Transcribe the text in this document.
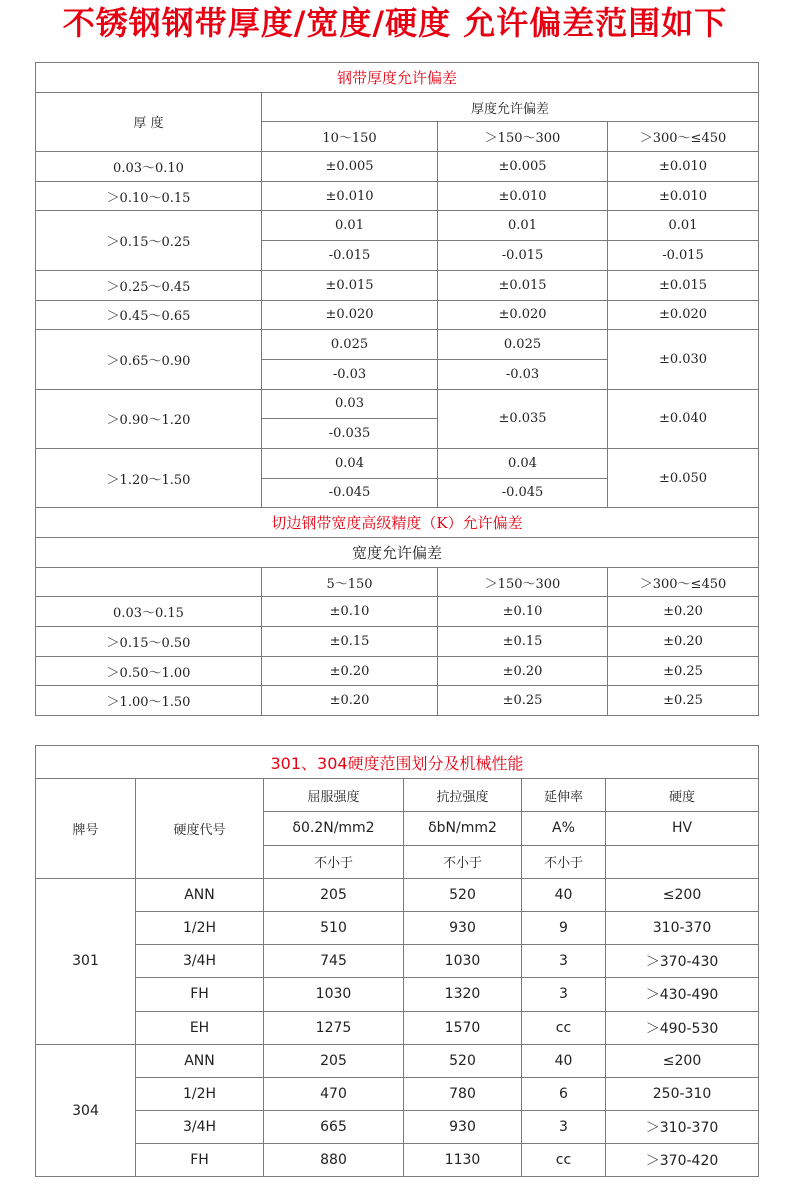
不锈钢钢带厚度/宽度/硬度 允许偏差范围如下
钢带厚度允许偏差			
厚 度	厚度允许偏差		
	10～150	＞150～300	＞300～≤450
0.03～0.10	±0.005	±0.005	±0.010
＞0.10～0.15	±0.010	±0.010	±0.010
＞0.15～0.25	0.01	0.01	0.01
	-0.015	-0.015	-0.015
＞0.25～0.45	±0.015	±0.015	±0.015
＞0.45～0.65	±0.020	±0.020	±0.020
＞0.65～0.90	0.025	0.025	±0.030
	-0.03	-0.03	
＞0.90～1.20	0.03	±0.035	±0.040
	-0.035		
＞1.20～1.50	0.04	0.04	±0.050
	-0.045	-0.045	
切边钢带宽度高级精度（K）允许偏差			
宽度允许偏差			
	5～150	＞150～300	＞300～≤450
0.03～0.15	±0.10	±0.10	±0.20
＞0.15～0.50	±0.15	±0.15	±0.20
＞0.50～1.00	±0.20	±0.20	±0.25
＞1.00～1.50	±0.20	±0.25	±0.25
301、304硬度范围划分及机械性能					
牌号	硬度代号	屈服强度	抗拉强度	延伸率	硬度
		δ0.2N/mm2	δbN/mm2	A%	HV
		不小于	不小于	不小于	
301	ANN	205	520	40	≤200
	1/2H	510	930	9	310-370
	3/4H	745	1030	3	＞370-430
	FH	1030	1320	3	＞430-490
	EH	1275	1570	cc	＞490-530
304	ANN	205	520	40	≤200
	1/2H	470	780	6	250-310
	3/4H	665	930	3	＞310-370
	FH	880	1130	cc	＞370-420
